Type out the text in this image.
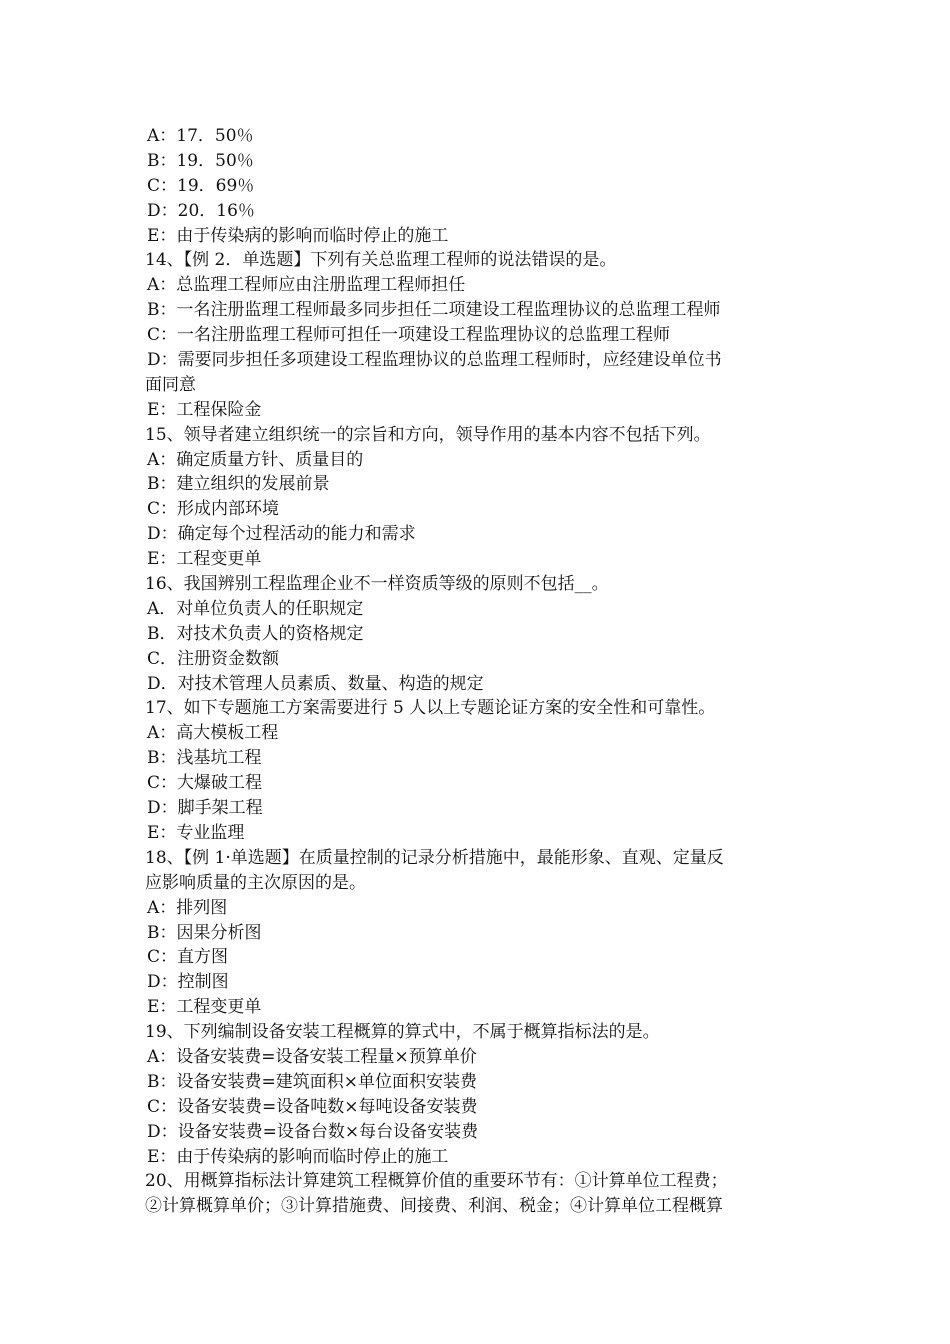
A：17．50％
B：19．50％
C：19．69％
D：20．16％
E：由于传染病的影响而临时停止的施工
14、【例 2．单选题】下列有关总监理工程师的说法错误的是。
A：总监理工程师应由注册监理工程师担任
B：一名注册监理工程师最多同步担任二项建设工程监理协议的总监理工程师
C：一名注册监理工程师可担任一项建设工程监理协议的总监理工程师
D：需要同步担任多项建设工程监理协议的总监理工程师时，应经建设单位书
面同意
E：工程保险金
15、领导者建立组织统一的宗旨和方向，领导作用的基本内容不包括下列。
A：确定质量方针、质量目的
B：建立组织的发展前景
C：形成内部环境
D：确定每个过程活动的能力和需求
E：工程变更单
16、我国辨别工程监理企业不一样资质等级的原则不包括__。
A．对单位负责人的任职规定
B．对技术负责人的资格规定
C．注册资金数额
D．对技术管理人员素质、数量、构造的规定
17、如下专题施工方案需要进行 5 人以上专题论证方案的安全性和可靠性。
A：高大模板工程
B：浅基坑工程
C：大爆破工程
D：脚手架工程
E：专业监理
18、【例 1·单选题】在质量控制的记录分析措施中，最能形象、直观、定量反
应影响质量的主次原因的是。
A：排列图
B：因果分析图
C：直方图
D：控制图
E：工程变更单
19、下列编制设备安装工程概算的算式中，不属于概算指标法的是。
A：设备安装费=设备安装工程量×预算单价
B：设备安装费=建筑面积×单位面积安装费
C：设备安装费=设备吨数×每吨设备安装费
D：设备安装费=设备台数×每台设备安装费
E：由于传染病的影响而临时停止的施工
20、用概算指标法计算建筑工程概算价值的重要环节有：①计算单位工程费；
②计算概算单价；③计算措施费、间接费、利润、税金；④计算单位工程概算
